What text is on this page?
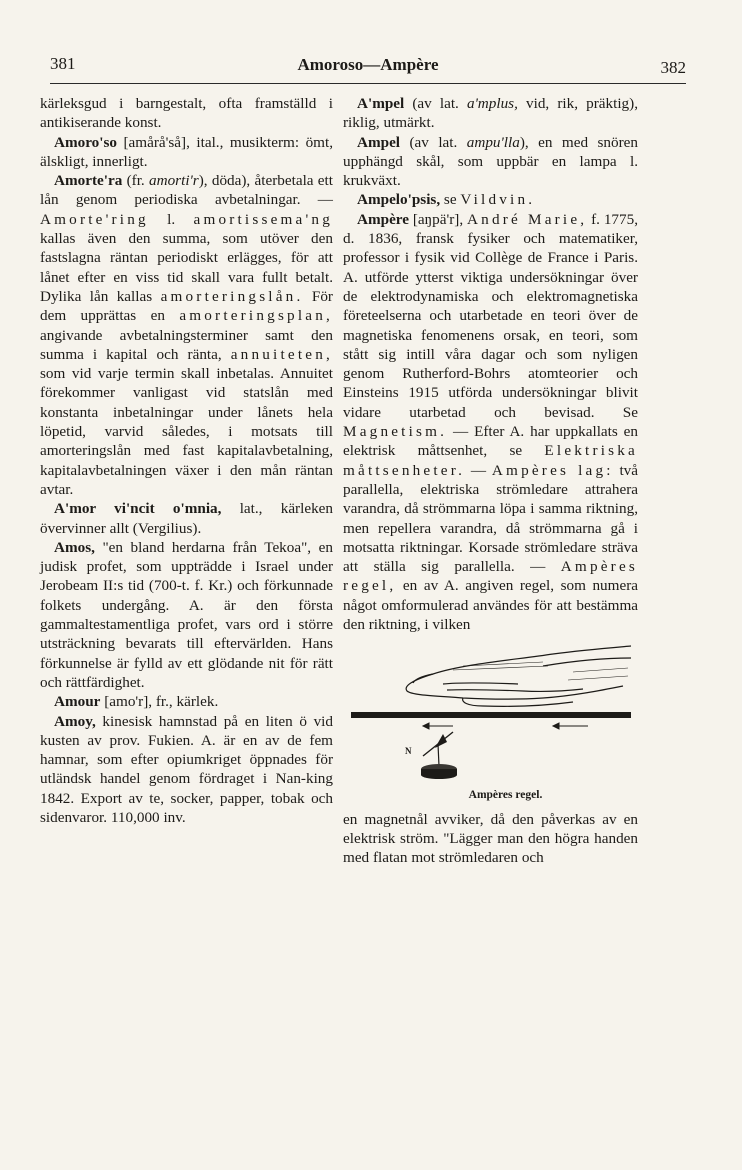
381	Amoroso—Ampère	382

kärleksgud i barngestalt, ofta framställd i antikiserande konst.

Amoro'so [amårå'så], ital., musikterm: ömt, älskligt, innerligt.

Amorte'ra (fr. amorti'r), döda), återbetala ett lån genom periodiska avbetalningar. — Amorte'ring l. amortissema'ng kallas även den summa, som utöver den fastslagna räntan periodiskt erlägges, för att lånet efter en viss tid skall vara fullt betalt. Dylika lån kallas amorteringslån. För dem upprättas en amorteringsplan, angivande avbetalningsterminer samt den summa i kapital och ränta, annuiteten, som vid varje termin skall inbetalas. Annuitet förekommer vanligast vid statslån med konstanta inbetalningar under lånets hela löpetid, varvid således, i motsats till amorteringslån med fast kapitalavbetalning, kapitalavbetalningen växer i den mån räntan avtar.

A'mor vi'ncit o'mnia, lat., kärleken övervinner allt (Vergilius).

Amos, "en bland herdarna från Tekoa", en judisk profet, som uppträdde i Israel under Jerobeam II:s tid (700-t. f. Kr.) och förkunnade folkets undergång. A. är den första gammaltestamentliga profet, vars ord i större utsträckning bevarats till eftervärlden. Hans förkunnelse är fylld av ett glödande nit för rätt och rättfärdighet.

Amour [amo'r], fr., kärlek.

Amoy, kinesisk hamnstad på en liten ö vid kusten av prov. Fukien. A. är en av de fem hamnar, som efter opiumkriget öppnades för utländsk handel genom fördraget i Nan-king 1842. Export av te, socker, papper, tobak och sidenvaror. 110,000 inv.

A'mpel (av lat. a'mplus, vid, rik, präktig), riklig, utmärkt.

Ampel (av lat. ampu'lla), en med snören upphängd skål, som uppbär en lampa l. krukväxt.

Ampelo'psis, se Vildvin.

Ampère [aŋpä'r], André Marie, f. 1775, d. 1836, fransk fysiker och matematiker, professor i fysik vid Collège de France i Paris. A. utförde ytterst viktiga undersökningar över de elektrodynamiska och elektromagnetiska företeelserna och utarbetade en teori över de magnetiska fenomenens orsak, en teori, som stått sig intill våra dagar och som nyligen genom Rutherford-Bohrs atomteorier och Einsteins 1915 utförda undersökningar blivit vidare utarbetad och bevisad. Se Magnetism. — Efter A. har uppkallats en elektrisk måttsenhet, se Elektriska måttsenheter. — Ampères lag: två parallella, elektriska strömledare attrahera varandra, då strömmarna löpa i samma riktning, men repellera varandra, då strömmarna gå i motsatta riktningar. Korsade strömledare sträva att ställa sig parallella. — Ampères regel, en av A. angiven regel, som numera något omformulerad användes för att bestämma den riktning, i vilken

N
Ampères regel.

en magnetnål avviker, då den påverkas av en elektrisk ström. "Lägger man den högra handen med flatan mot strömledaren och
